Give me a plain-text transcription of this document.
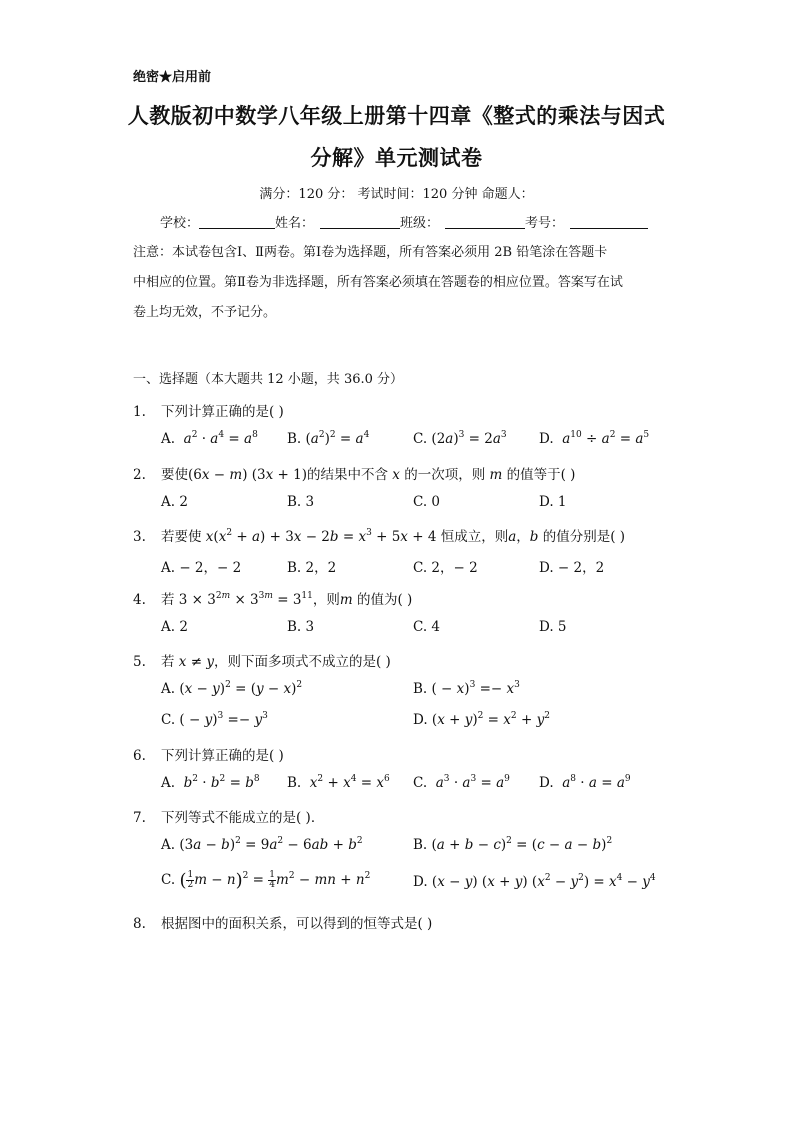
绝密★启用前
人教版初中数学八年级上册第十四章《整式的乘法与因式
分解》单元测试卷
满分：120 分： 考试时间：120 分钟 命题人：
学校：	姓名：	班级：	考号：
注意：本试卷包含Ⅰ、Ⅱ两卷。第Ⅰ卷为选择题，所有答案必须用 2B 铅笔涂在答题卡
中相应的位置。第Ⅱ卷为非选择题，所有答案必须填在答题卷的相应位置。答案写在试
卷上均无效，不予记分。
一、选择题（本大题共 12 小题，共 36.0 分）
1. 下列计算正确的是( )
A.  $a^2 \cdot a^4 = a^8$ B. $(a^2)^2 = a^4$	C. $(2a)^3 = 2a^3$ D.  $a^{10} \div a^2 = a^5$
2. 要使(6x − m) (3x + 1)的结果中不含 x 的一次项，则 m 的值等于( )
A. 2	B. 3	C. 0	D. 1
3. 若要使 $x(x^2 + a) + 3x - 2b = x^3 + 5x + 4$ 恒成立，则a，b 的值分别是( )
A. − 2，− 2	B. 2，2	C. 2，− 2	D. − 2，2
4. 若 $3 \times 3^{2m} \times 3^{3m} = 3^{11}$，则m 的值为( )
A. 2	B. 3	C. 4	D. 5
5. 若 x ≠ y，则下面多项式不成立的是( )
A. $(x - y)^2 = (y - x)^2$	B. ( − $x)^3 =- x^3$
C. ( − $y)^3 =- y^3$	D. $(x + y)^2 = x^2 + y^2$
6. 下列计算正确的是( )
A.  $b^2 \cdot b^2 = b^8$ B.  $x^2 + x^4 = x^6$ C.  $a^3 \cdot a^3 = a^9$ D.  $a^8 \cdot a = a^9$
7. 下列等式不能成立的是( )．
A. $(3a - b)^2 = 9a^2 - 6ab + b^2$	B. $(a + b - c)^2 = (c - a - b)^2$
C. ( $\frac{1}{2}$ $m - n)^2 = \frac{1}{4} m^2$ − mn + $n^2$	D. (x − y) (x + y) $(x^2 - y^2) = x^4 - y^4$
8. 根据图中的面积关系，可以得到的恒等式是( )
